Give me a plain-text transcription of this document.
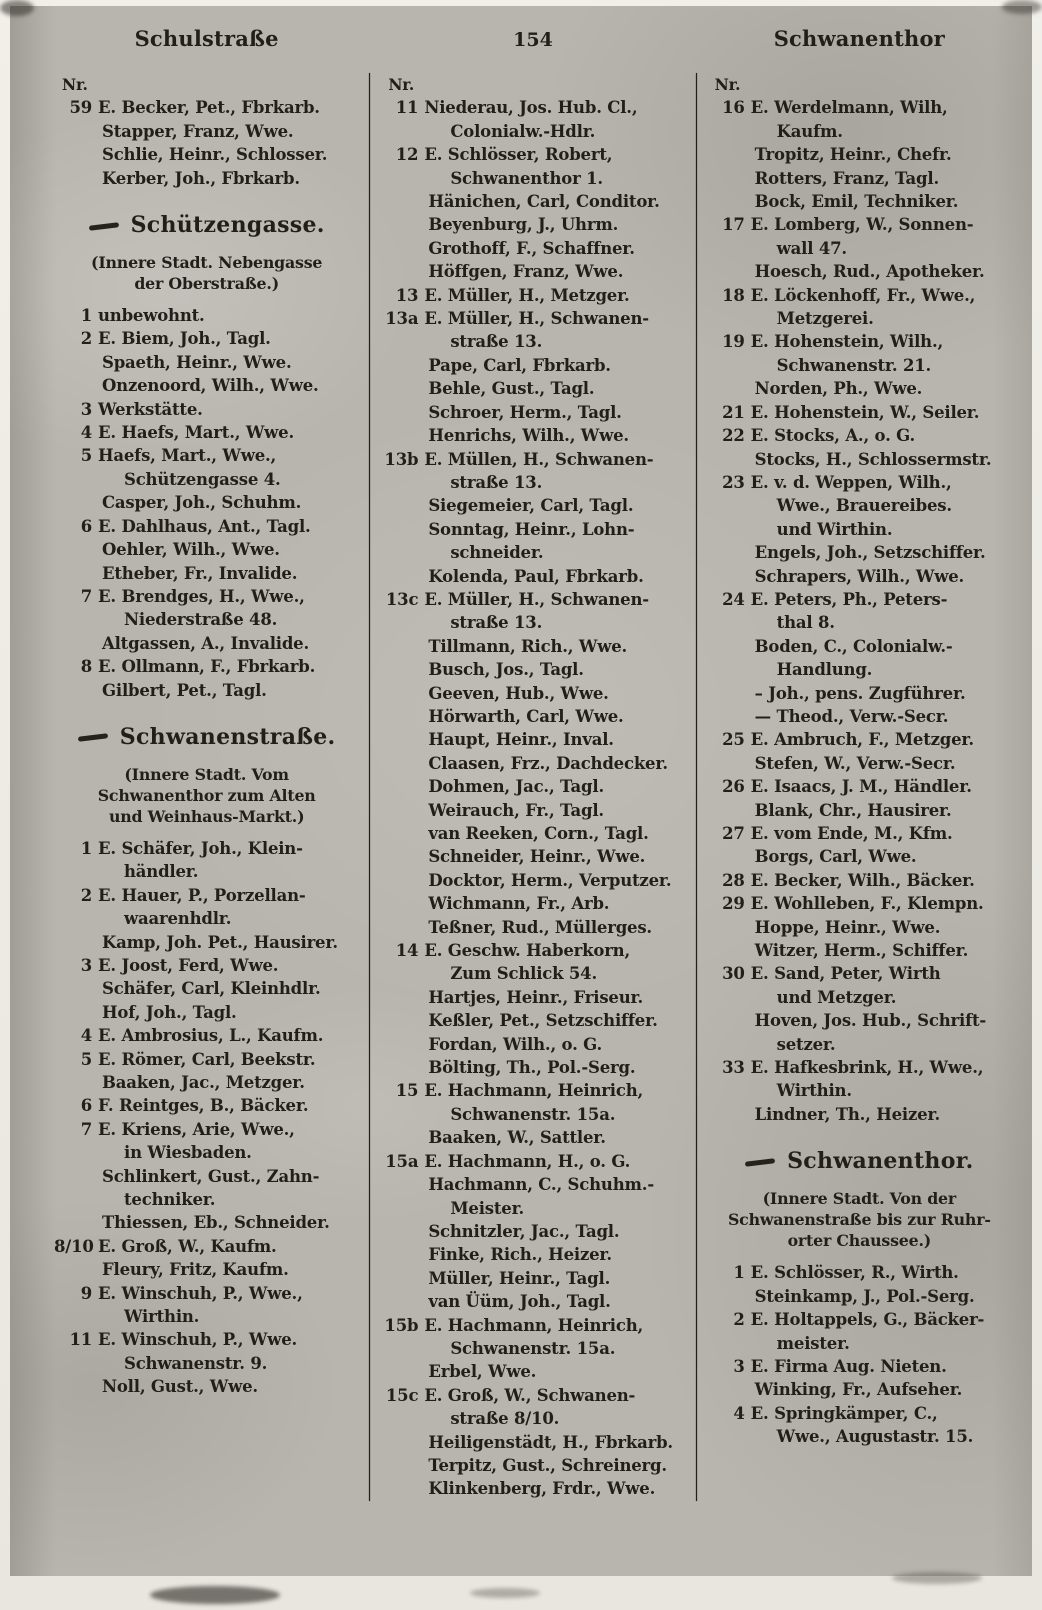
Schulstraße	154	Schwanenthor
Nr.
59 E. Becker, Pet., Fbrkarb.
Stapper, Franz, Wwe.
Schlie, Heinr., Schlosser.
Kerber, Joh., Fbrkarb.
Schützengasse.
(Innere Stadt. Nebengasse
der Oberstraße.)
1 unbewohnt.
2 E. Biem, Joh., Tagl.
Spaeth, Heinr., Wwe.
Onzenoord, Wilh., Wwe.
3 Werkstätte.
4 E. Haefs, Mart., Wwe.
5 Haefs, Mart., Wwe.,
Schützengasse 4.
Casper, Joh., Schuhm.
6 E. Dahlhaus, Ant., Tagl.
Oehler, Wilh., Wwe.
Etheber, Fr., Invalide.
7 E. Brendges, H., Wwe.,
Niederstraße 48.
Altgassen, A., Invalide.
8 E. Ollmann, F., Fbrkarb.
Gilbert, Pet., Tagl.
Schwanenstraße.
(Innere Stadt. Vom
Schwanenthor zum Alten
und Weinhaus-Markt.)
1 E. Schäfer, Joh., Klein-
händler.
2 E. Hauer, P., Porzellan-
waarenhdlr.
Kamp, Joh. Pet., Hausirer.
3 E. Joost, Ferd, Wwe.
Schäfer, Carl, Kleinhdlr.
Hof, Joh., Tagl.
4 E. Ambrosius, L., Kaufm.
5 E. Römer, Carl, Beekstr.
Baaken, Jac., Metzger.
6 F. Reintges, B., Bäcker.
7 E. Kriens, Arie, Wwe.,
in Wiesbaden.
Schlinkert, Gust., Zahn-
techniker.
Thiessen, Eb., Schneider.
8/10 E. Groß, W., Kaufm.
Fleury, Fritz, Kaufm.
9 E. Winschuh, P., Wwe.,
Wirthin.
11 E. Winschuh, P., Wwe.
Schwanenstr. 9.
Noll, Gust., Wwe.
Nr.
11 Niederau, Jos. Hub. Cl.,
Colonialw.-Hdlr.
12 E. Schlösser, Robert,
Schwanenthor 1.
Hänichen, Carl, Conditor.
Beyenburg, J., Uhrm.
Grothoff, F., Schaffner.
Höffgen, Franz, Wwe.
13 E. Müller, H., Metzger.
13a E. Müller, H., Schwanen-
straße 13.
Pape, Carl, Fbrkarb.
Behle, Gust., Tagl.
Schroer, Herm., Tagl.
Henrichs, Wilh., Wwe.
13b E. Müllen, H., Schwanen-
straße 13.
Siegemeier, Carl, Tagl.
Sonntag, Heinr., Lohn-
schneider.
Kolenda, Paul, Fbrkarb.
13c E. Müller, H., Schwanen-
straße 13.
Tillmann, Rich., Wwe.
Busch, Jos., Tagl.
Geeven, Hub., Wwe.
Hörwarth, Carl, Wwe.
Haupt, Heinr., Inval.
Claasen, Frz., Dachdecker.
Dohmen, Jac., Tagl.
Weirauch, Fr., Tagl.
van Reeken, Corn., Tagl.
Schneider, Heinr., Wwe.
Docktor, Herm., Verputzer.
Wichmann, Fr., Arb.
Teßner, Rud., Müllerges.
14 E. Geschw. Haberkorn,
Zum Schlick 54.
Hartjes, Heinr., Friseur.
Keßler, Pet., Setzschiffer.
Fordan, Wilh., o. G.
Bölting, Th., Pol.-Serg.
15 E. Hachmann, Heinrich,
Schwanenstr. 15a.
Baaken, W., Sattler.
15a E. Hachmann, H., o. G.
Hachmann, C., Schuhm.-
Meister.
Schnitzler, Jac., Tagl.
Finke, Rich., Heizer.
Müller, Heinr., Tagl.
van Üüm, Joh., Tagl.
15b E. Hachmann, Heinrich,
Schwanenstr. 15a.
Erbel, Wwe.
15c E. Groß, W., Schwanen-
straße 8/10.
Heiligenstädt, H., Fbrkarb.
Terpitz, Gust., Schreinerg.
Klinkenberg, Frdr., Wwe.
Nr.
16 E. Werdelmann, Wilh,
Kaufm.
Tropitz, Heinr., Chefr.
Rotters, Franz, Tagl.
Bock, Emil, Techniker.
17 E. Lomberg, W., Sonnen-
wall 47.
Hoesch, Rud., Apotheker.
18 E. Löckenhoff, Fr., Wwe.,
Metzgerei.
19 E. Hohenstein, Wilh.,
Schwanenstr. 21.
Norden, Ph., Wwe.
21 E. Hohenstein, W., Seiler.
22 E. Stocks, A., o. G.
Stocks, H., Schlossermstr.
23 E. v. d. Weppen, Wilh.,
Wwe., Brauereibes.
und Wirthin.
Engels, Joh., Setzschiffer.
Schrapers, Wilh., Wwe.
24 E. Peters, Ph., Peters-
thal 8.
Boden, C., Colonialw.-
Handlung.
– Joh., pens. Zugführer.
— Theod., Verw.-Secr.
25 E. Ambruch, F., Metzger.
Stefen, W., Verw.-Secr.
26 E. Isaacs, J. M., Händler.
Blank, Chr., Hausirer.
27 E. vom Ende, M., Kfm.
Borgs, Carl, Wwe.
28 E. Becker, Wilh., Bäcker.
29 E. Wohlleben, F., Klempn.
Hoppe, Heinr., Wwe.
Witzer, Herm., Schiffer.
30 E. Sand, Peter, Wirth
und Metzger.
Hoven, Jos. Hub., Schrift-
setzer.
33 E. Hafkesbrink, H., Wwe.,
Wirthin.
Lindner, Th., Heizer.
Schwanenthor.
(Innere Stadt. Von der
Schwanenstraße bis zur Ruhr-
orter Chaussee.)
1 E. Schlösser, R., Wirth.
Steinkamp, J., Pol.-Serg.
2 E. Holtappels, G., Bäcker-
meister.
3 E. Firma Aug. Nieten.
Winking, Fr., Aufseher.
4 E. Springkämper, C.,
Wwe., Augustastr. 15.
